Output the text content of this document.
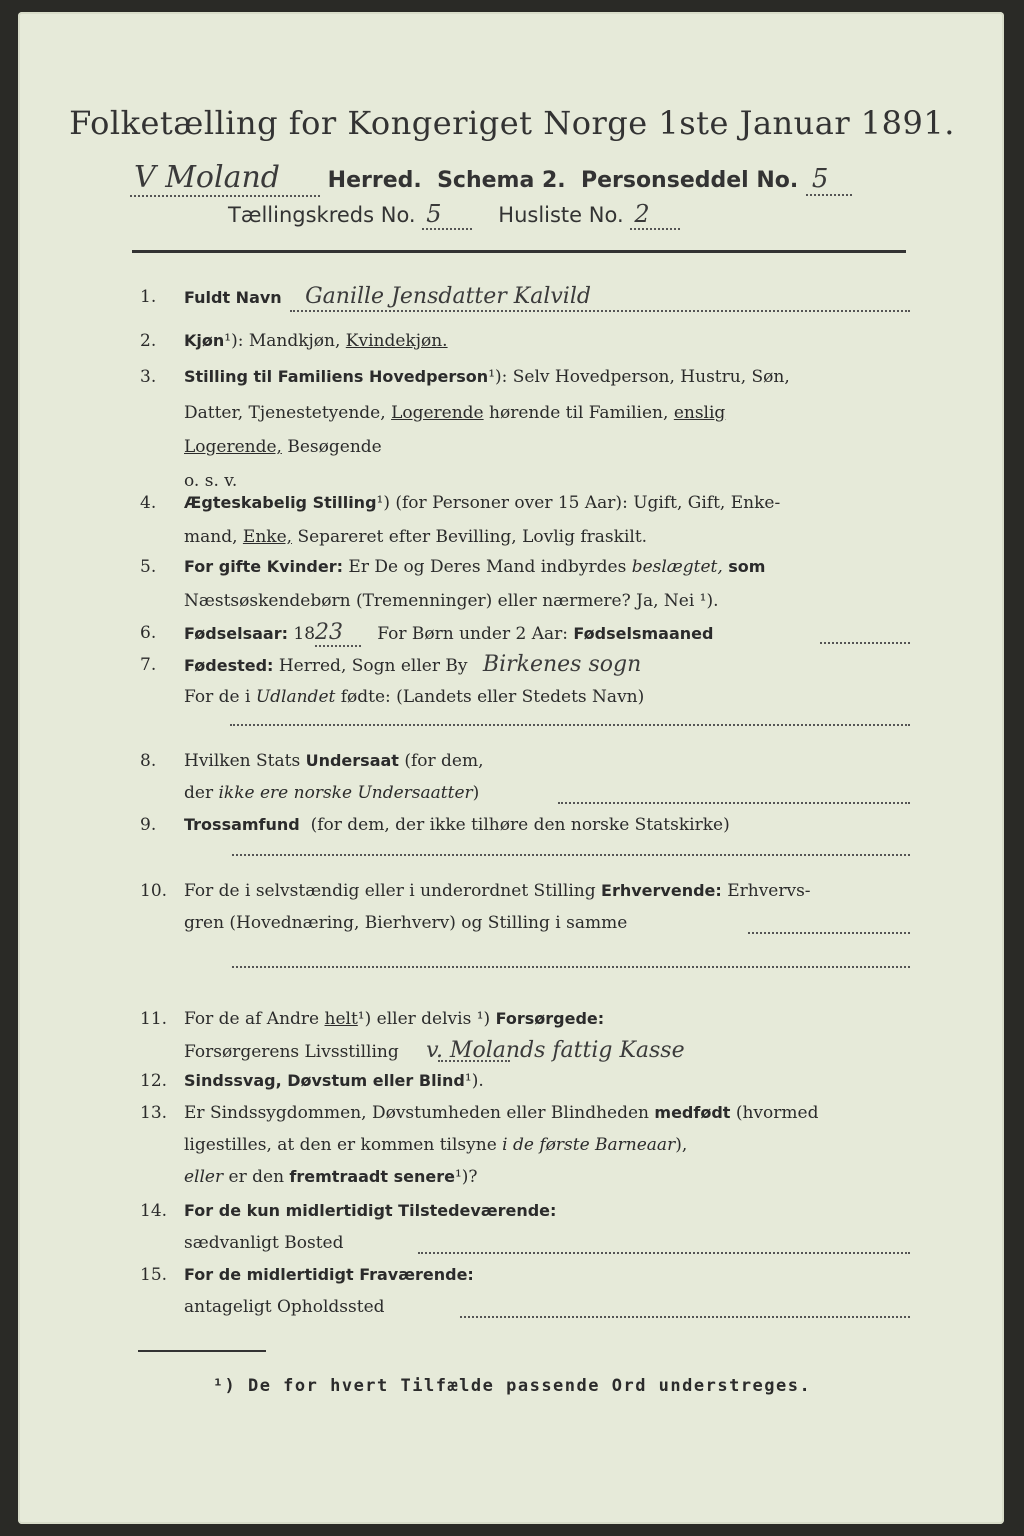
Folketælling for Kongeriget Norge 1ste Januar 1891.
V Moland Herred. Schema 2. Personseddel No. 5
Tællingskreds No. 5	Husliste No. 2
1.	Fuldt Navn Ganille Jensdatter Kalvild
2.	Kjøn¹): Mandkjøn, Kvindekjøn.
3.	Stilling til Familiens Hovedperson¹): Selv Hovedperson, Hustru, Søn,
Datter, Tjenestetyende, Logerende hørende til Familien, enslig
Logerende, Besøgende
o. s. v.
4.	Ægteskabelig Stilling¹) (for Personer over 15 Aar): Ugift, Gift, Enke-
mand, Enke, Separeret efter Bevilling, Lovlig fraskilt.
5.	For gifte Kvinder: Er De og Deres Mand indbyrdes beslægtet, som
Næstsøskendebørn (Tremenninger) eller nærmere? Ja, Nei ¹).
6.	Fødselsaar: 1823 For Børn under 2 Aar: Fødselsmaaned
7.	Fødested: Herred, Sogn eller By Birkenes sogn
For de i Udlandet fødte: (Landets eller Stedets Navn)
8.	Hvilken Stats Undersaat (for dem,
der ikke ere norske Undersaatter)
9.	Trossamfund (for dem, der ikke tilhøre den norske Statskirke)
10. For de i selvstændig eller i underordnet Stilling Erhvervende: Erhvervs-
gren (Hovednæring, Bierhverv) og Stilling i samme
11. For de af Andre helt¹) eller delvis ¹) Forsørgede:
Forsørgerens Livsstilling v. Molands fattig Kasse
12.	Sindssvag, Døvstum eller Blind¹).
13. Er Sindssygdommen, Døvstumheden eller Blindheden medfødt (hvormed
ligestilles, at den er kommen tilsyne i de første Barneaar),
eller er den fremtraadt senere¹)?
14.	For de kun midlertidigt Tilstedeværende:
sædvanligt Bosted
15.	For de midlertidigt Fraværende:
antageligt Opholdssted
¹) De for hvert Tilfælde passende Ord understreges.
